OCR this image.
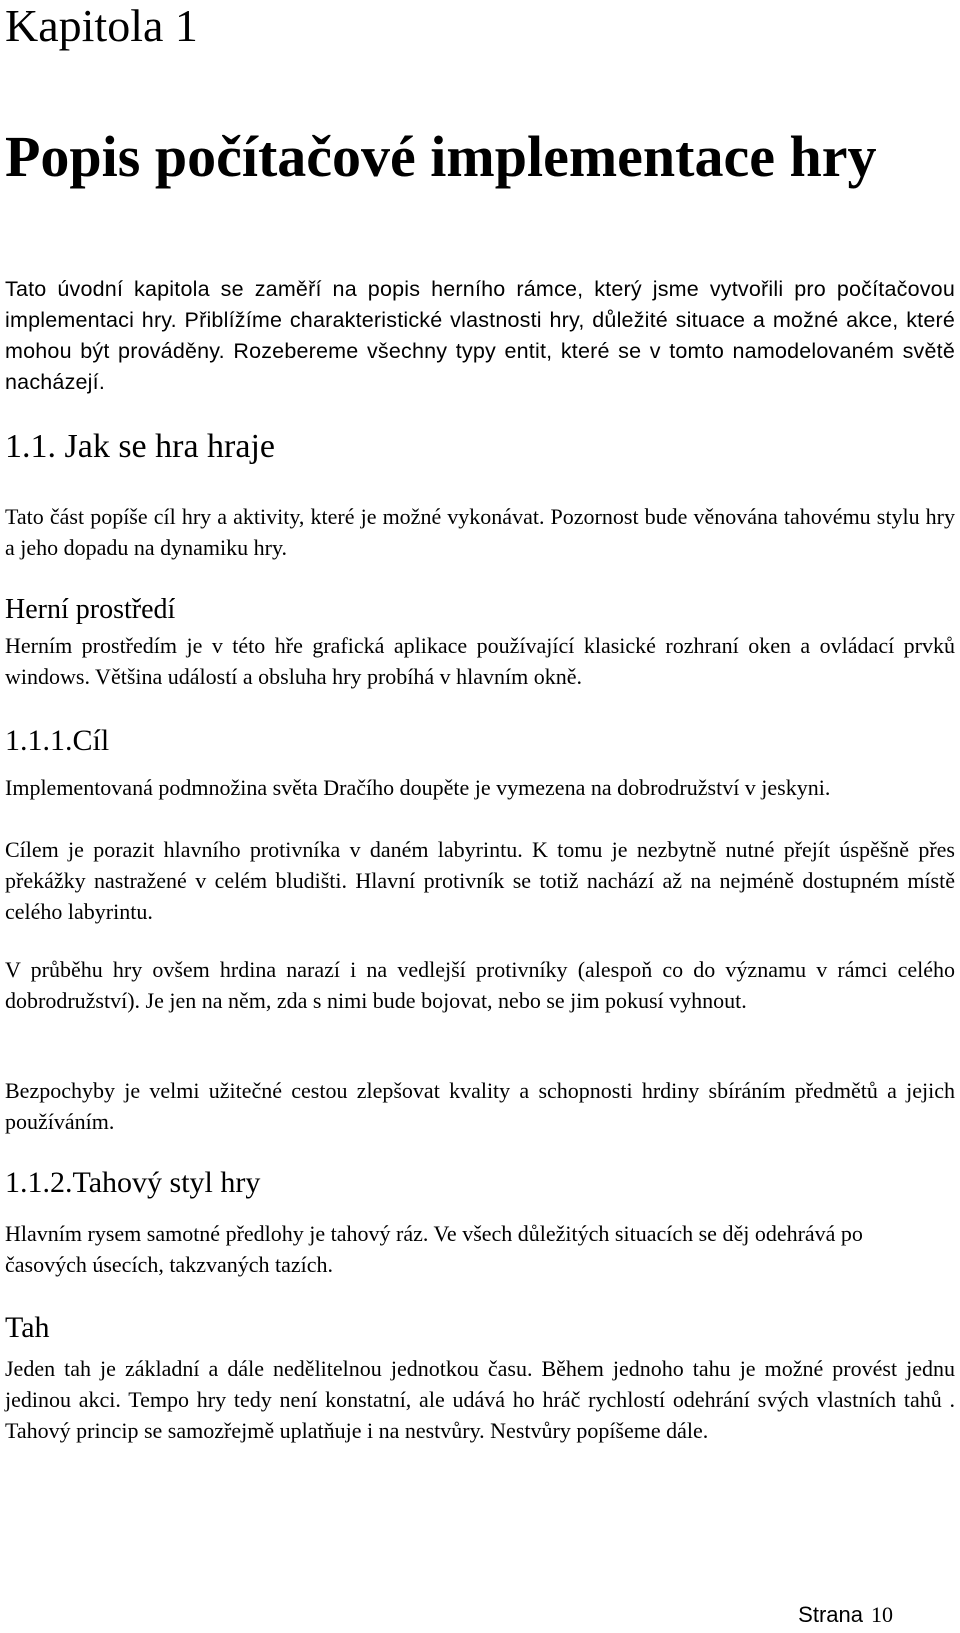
Kapitola 1
Popis počítačové implementace hry

Tato úvodní kapitola se zaměří na popis herního rámce, který jsme vytvořili pro počítačovou implementaci hry. Přiblížíme charakteristické vlastnosti hry, důležité situace a možné akce, které mohou být prováděny. Rozebereme všechny typy entit, které se v tomto namodelovaném světě nacházejí.

1.1. Jak se hra hraje

Tato část popíše cíl hry a aktivity, které je možné vykonávat. Pozornost bude věnována tahovému stylu hry a jeho dopadu na dynamiku hry.

Herní prostředí

Herním prostředím je v této hře grafická aplikace používající klasické rozhraní oken a ovládací prvků windows. Většina událostí a obsluha hry probíhá v hlavním okně.

1.1.1.Cíl

Implementovaná podmnožina světa Dračího doupěte je vymezena na dobrodružství v jeskyni.

Cílem je porazit hlavního protivníka v daném labyrintu. K tomu je nezbytně nutné přejít úspěšně přes překážky nastražené v celém bludišti. Hlavní protivník se totiž nachází až na nejméně dostupném místě celého labyrintu.

V průběhu hry ovšem hrdina narazí i na vedlejší protivníky (alespoň co do významu v rámci celého dobrodružství). Je jen na něm, zda s nimi bude bojovat, nebo se jim pokusí vyhnout.

Bezpochyby je velmi užitečné cestou zlepšovat kvality a schopnosti hrdiny sbíráním předmětů a jejich používáním.

1.1.2.Tahový styl hry

Hlavním rysem samotné předlohy je tahový ráz. Ve všech důležitých situacích se děj odehrává po časových úsecích, takzvaných tazích.

Tah

Jeden tah je základní a dále nedělitelnou jednotkou času. Během jednoho tahu je možné provést jednu jedinou akci. Tempo hry tedy není konstatní, ale udává ho hráč rychlostí odehrání svých vlastních tahů . Tahový princip se samozřejmě uplatňuje i na nestvůry. Nestvůry popíšeme dále.

Strana 10
